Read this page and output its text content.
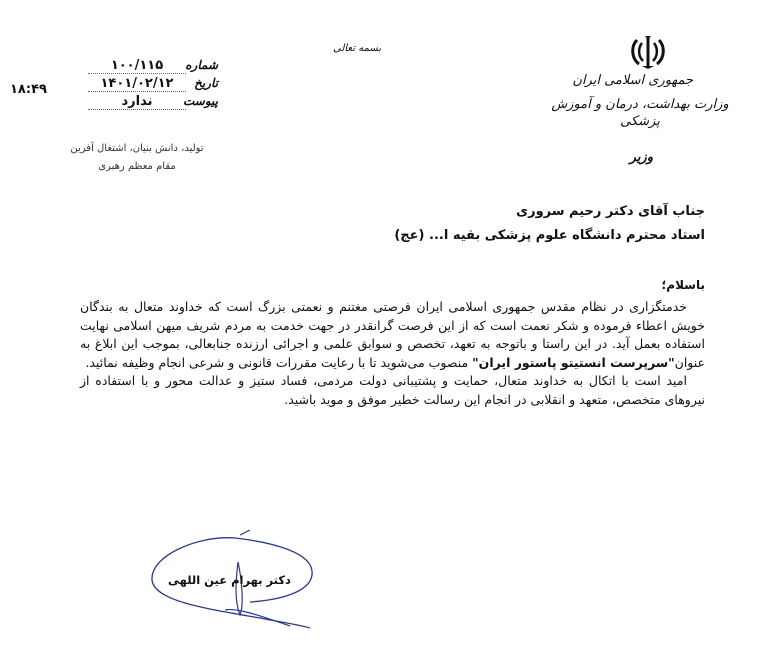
جمهوری اسلامی ایران
وزارت بهداشت، درمان و آموزش پزشکی
وزیر
بسمه تعالی
شماره
۱۰۰/۱۱۵
تاریخ
۱۴۰۱/۰۲/۱۲
پیوست
ندارد
۱۸:۴۹
تولید، دانش بنیان، اشتغال آفرین
مقام معظم رهبری
جناب آقای دکتر رحیم سروری
استاد محترم دانشگاه علوم پزشکی بقیه ا... (عج)
باسلام؛

خدمتگزاری در نظام مقدس جمهوری اسلامی ایران فرصتی مغتنم و نعمتی بزرگ است که خداوند متعال به بندگان خویش اعطاء فرموده و شکر نعمت است که از این فرصت گرانقدر در جهت خدمت به مردم شریف میهن اسلامی نهایت استفاده بعمل آید. در این راستا و باتوجه به تعهد، تخصص و سوابق علمی و اجرائی ارزنده جنابعالی، بموجب این ابلاغ به عنوان"سرپرست انستیتو پاستور ایران" منصوب می‌شوید تا با رعایت مقررات قانونی و شرعی انجام وظیفه نمائید.

امید است با اتکال به خداوند متعال، حمایت و پشتیبانی دولت مردمی، فساد ستیز و عدالت محور و با استفاده از نیروهای متخصص، متعهد و انقلابی در انجام این رسالت خطیر موفق و موید باشید.

دکتر بهرام عین اللهی
